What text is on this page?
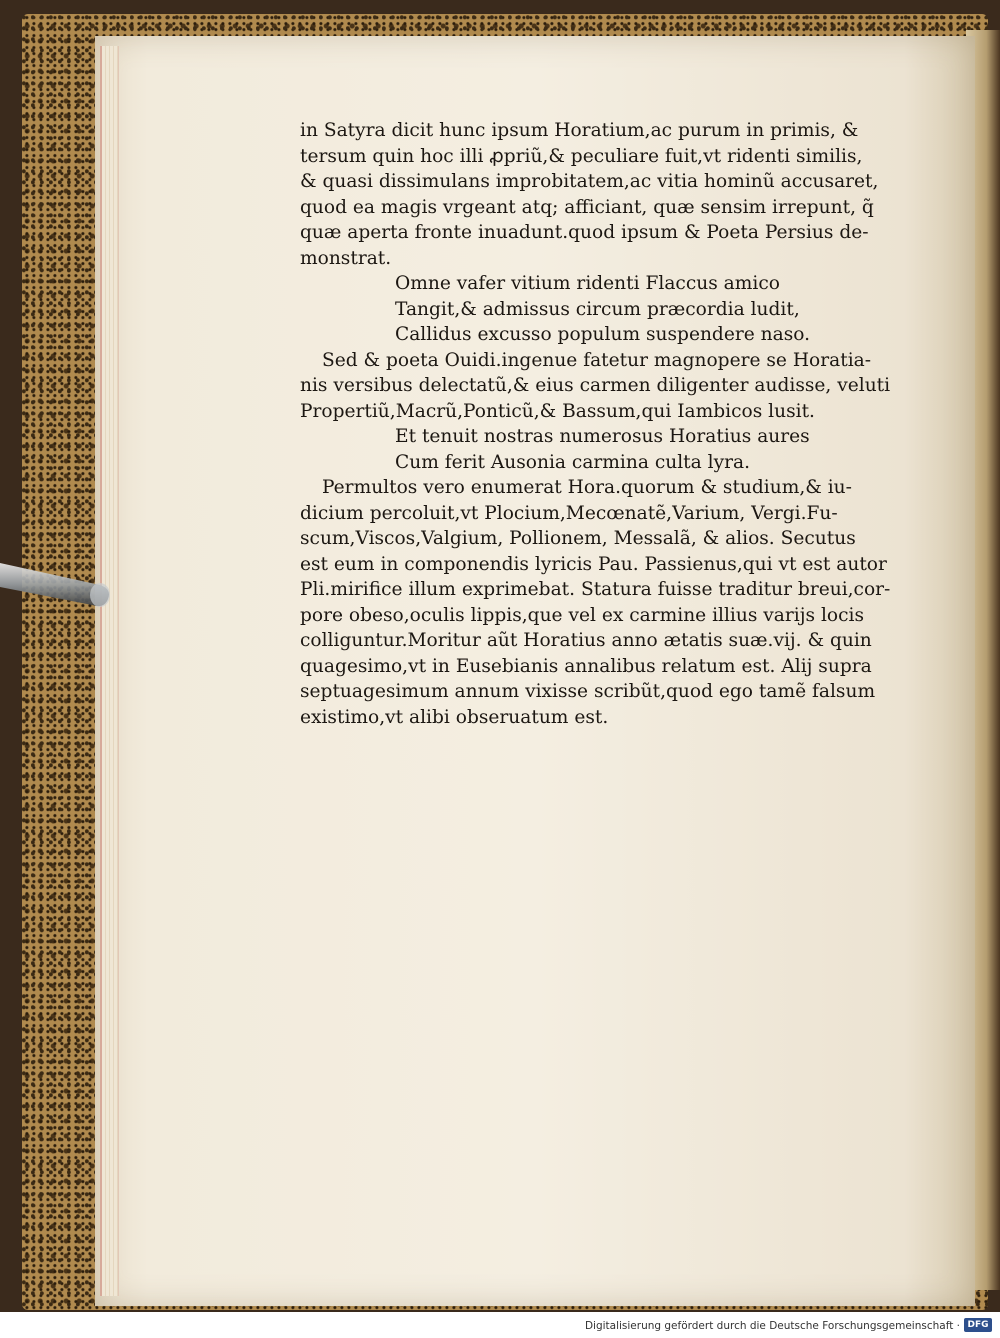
in Satyra dicit hunc ipsum Horatium,ac purum in primis, &
tersum quin hoc illi ꝓpriũ,& peculiare fuit,vt ridenti similis,
& quasi dissimulans improbitatem,ac vitia hominũ accusaret,
quod ea magis vrgeant atq; afficiant, quæ sensim irrepunt, q̃
quæ aperta fronte inuadunt.quod ipsum & Poeta Persius de-
monstrat.
Omne vafer vitium ridenti Flaccus amico
Tangit,& admissus circum præcordia ludit,
Callidus excusso populum suspendere naso.
Sed & poeta Ouidi.ingenue fatetur magnopere se Horatia-
nis versibus delectatũ,& eius carmen diligenter audisse, veluti
Propertiũ,Macrũ,Ponticũ,& Bassum,qui Iambicos lusit.
Et tenuit nostras numerosus Horatius aures
Cum ferit Ausonia carmina culta lyra.
Permultos vero enumerat Hora.quorum & studium,& iu-
dicium percoluit,vt Plocium,Mecœnatẽ,Varium, Vergi.Fu-
scum,Viscos,Valgium, Pollionem, Messalã, & alios. Secutus
est eum in componendis lyricis Pau. Passienus,qui vt est autor
Pli.mirifice illum exprimebat. Statura fuisse traditur breui,cor-
pore obeso,oculis lippis,que vel ex carmine illius varijs locis
colliguntur.Moritur aũt Horatius anno ætatis suæ.vij. & quin
quagesimo,vt in Eusebianis annalibus relatum est. Alij supra
septuagesimum annum vixisse scribũt,quod ego tamẽ falsum
existimo,vt alibi obseruatum est.
Digitalisierung gefördert durch die Deutsche Forschungsgemeinschaft · DFG
